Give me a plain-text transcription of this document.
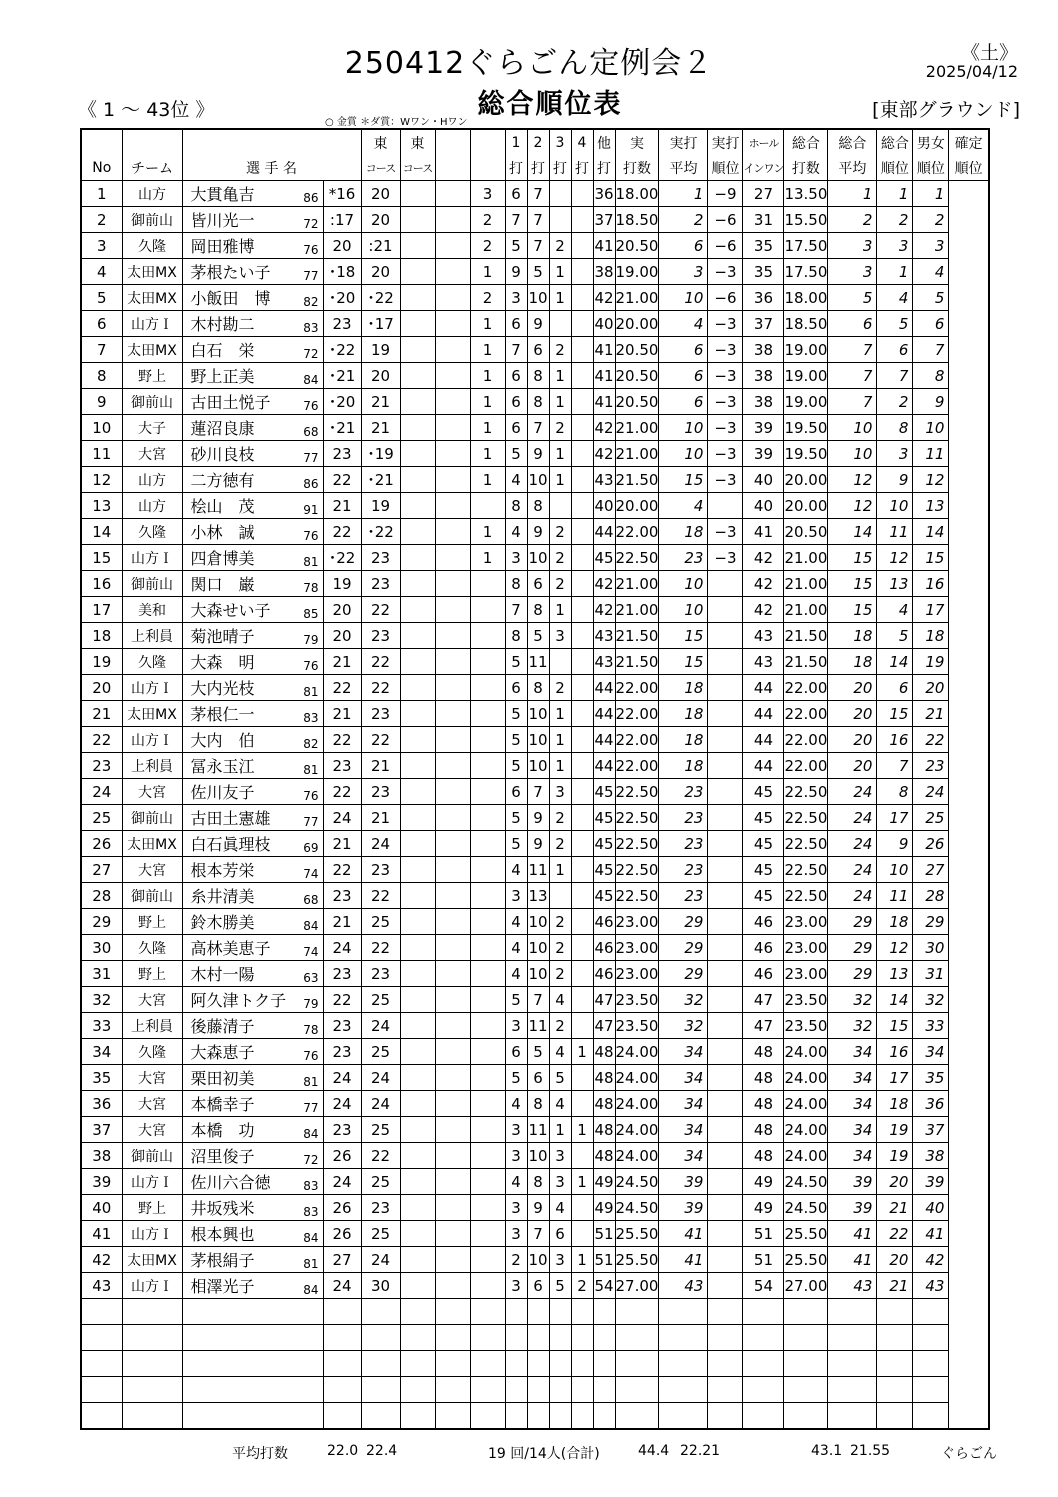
250412ぐらごん定例会２	《土》
2025/04/12
総合順位表
《 1 ～ 43位 》	[東部グラウンド]
○ 金賞 ＊ダ賞：Wワン・Hワン
				東	東			1	2	3	4	他	実	実打	実打	ホール	総合	総合	総合	男女	確定
No	チーム	選 手 名		コース	コース			打	打	打	打	打	打数	平均	順位	インワン	打数	平均	順位	順位	順位
1	山方	大貫亀吉 86	*16	20			3	6	7			36	18.00	1	−9	27	13.50	1	1	1	
2	御前山	皆川光一 72	:17	20			2	7	7			37	18.50	2	−6	31	15.50	2	2	2	
3	久隆	岡田雅博 76	20	:21			2	5	7	2		41	20.50	6	−6	35	17.50	3	3	3	
4	太田MX	茅根たい子 77	･18	20			1	9	5	1		38	19.00	3	−3	35	17.50	3	1	4	
5	太田MX	小飯田　博 82	･20	･22			2	3	10	1		42	21.00	10	−6	36	18.00	5	4	5	
6	山方Ｉ	木村勘二 83	23	･17			1	6	9			40	20.00	4	−3	37	18.50	6	5	6	
7	太田MX	白石　栄 72	･22	19			1	7	6	2		41	20.50	6	−3	38	19.00	7	6	7	
8	野上	野上正美 84	･21	20			1	6	8	1		41	20.50	6	−3	38	19.00	7	7	8	
9	御前山	古田土悦子 76	･20	21			1	6	8	1		41	20.50	6	−3	38	19.00	7	2	9	
10	大子	蓮沼良康 68	･21	21			1	6	7	2		42	21.00	10	−3	39	19.50	10	8	10	
11	大宮	砂川良枝 77	23	･19			1	5	9	1		42	21.00	10	−3	39	19.50	10	3	11	
12	山方	二方徳有 86	22	･21			1	4	10	1		43	21.50	15	−3	40	20.00	12	9	12	
13	山方	桧山　茂 91	21	19				8	8			40	20.00	4		40	20.00	12	10	13	
14	久隆	小林　誠 76	22	･22			1	4	9	2		44	22.00	18	−3	41	20.50	14	11	14	
15	山方Ｉ	四倉博美 81	･22	23			1	3	10	2		45	22.50	23	−3	42	21.00	15	12	15	
16	御前山	関口　巌 78	19	23				8	6	2		42	21.00	10		42	21.00	15	13	16	
17	美和	大森せい子 85	20	22				7	8	1		42	21.00	10		42	21.00	15	4	17	
18	上利員	菊池晴子 79	20	23				8	5	3		43	21.50	15		43	21.50	18	5	18	
19	久隆	大森　明 76	21	22				5	11			43	21.50	15		43	21.50	18	14	19	
20	山方Ｉ	大内光枝 81	22	22				6	8	2		44	22.00	18		44	22.00	20	6	20	
21	太田MX	茅根仁一 83	21	23				5	10	1		44	22.00	18		44	22.00	20	15	21	
22	山方Ｉ	大内　伯 82	22	22				5	10	1		44	22.00	18		44	22.00	20	16	22	
23	上利員	冨永玉江 81	23	21				5	10	1		44	22.00	18		44	22.00	20	7	23	
24	大宮	佐川友子 76	22	23				6	7	3		45	22.50	23		45	22.50	24	8	24	
25	御前山	古田土憲雄 77	24	21				5	9	2		45	22.50	23		45	22.50	24	17	25	
26	太田MX	白石眞理枝 69	21	24				5	9	2		45	22.50	23		45	22.50	24	9	26	
27	大宮	根本芳栄 74	22	23				4	11	1		45	22.50	23		45	22.50	24	10	27	
28	御前山	糸井清美 68	23	22				3	13			45	22.50	23		45	22.50	24	11	28	
29	野上	鈴木勝美 84	21	25				4	10	2		46	23.00	29		46	23.00	29	18	29	
30	久隆	高林美恵子 74	24	22				4	10	2		46	23.00	29		46	23.00	29	12	30	
31	野上	木村一陽 63	23	23				4	10	2		46	23.00	29		46	23.00	29	13	31	
32	大宮	阿久津トク子 79	22	25				5	7	4		47	23.50	32		47	23.50	32	14	32	
33	上利員	後藤清子 78	23	24				3	11	2		47	23.50	32		47	23.50	32	15	33	
34	久隆	大森恵子 76	23	25				6	5	4	1	48	24.00	34		48	24.00	34	16	34	
35	大宮	栗田初美 81	24	24				5	6	5		48	24.00	34		48	24.00	34	17	35	
36	大宮	本橋幸子 77	24	24				4	8	4		48	24.00	34		48	24.00	34	18	36	
37	大宮	本橋　功 84	23	25				3	11	1	1	48	24.00	34		48	24.00	34	19	37	
38	御前山	沼里俊子 72	26	22				3	10	3		48	24.00	34		48	24.00	34	19	38	
39	山方Ｉ	佐川六合徳 83	24	25				4	8	3	1	49	24.50	39		49	24.50	39	20	39	
40	野上	井坂残米 83	26	23				3	9	4		49	24.50	39		49	24.50	39	21	40	
41	山方Ｉ	根本興也 84	26	25				3	7	6		51	25.50	41		51	25.50	41	22	41	
42	太田MX	茅根絹子 81	27	24				2	10	3	1	51	25.50	41		51	25.50	41	20	42	
43	山方Ｉ	相澤光子 84	24	30				3	6	5	2	54	27.00	43		54	27.00	43	21	43	

平均打数	22.0 22.4	19 回/14人(合計)	44.4 22.21	43.1 21.55	ぐらごん
